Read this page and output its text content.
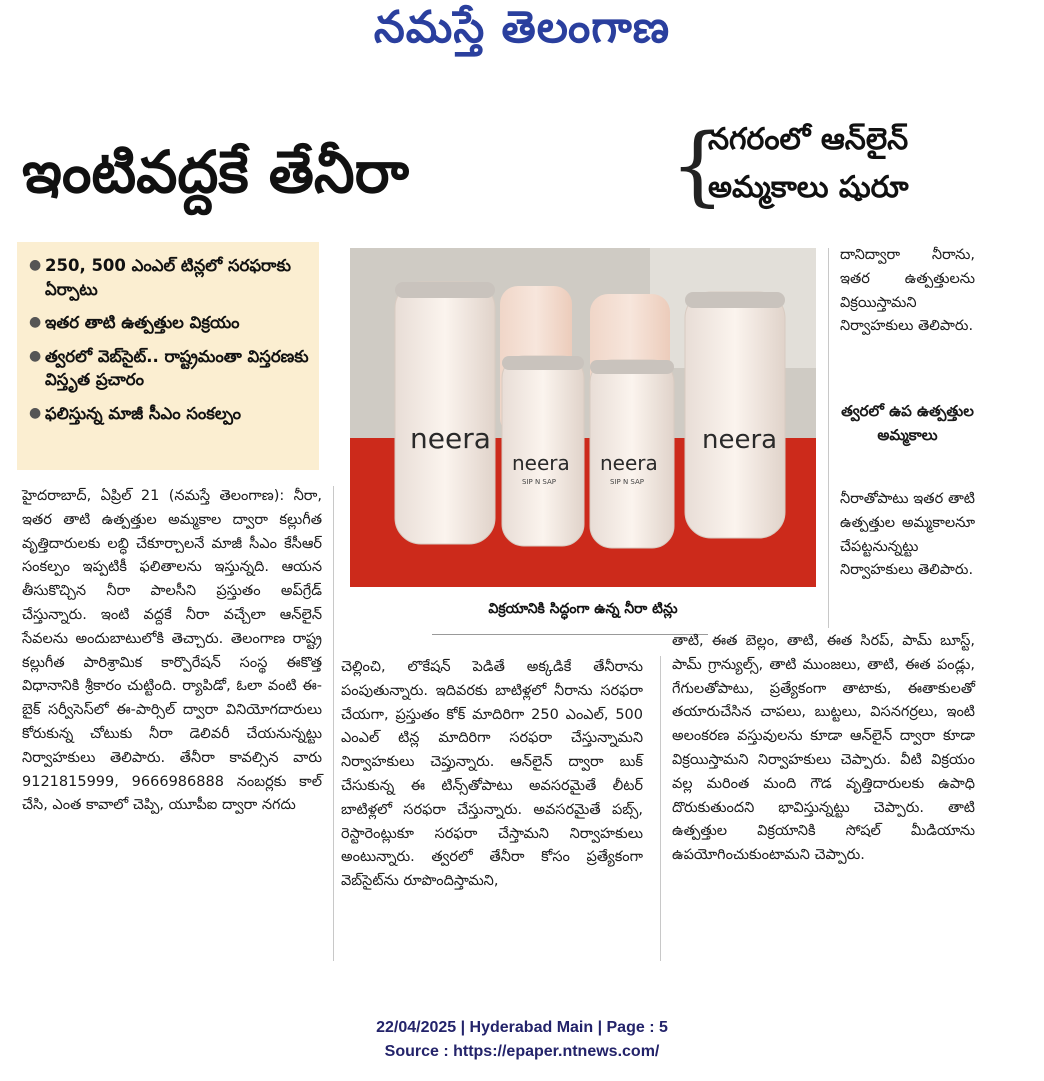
నమస్తే తెలంగాణ
ఇంటివద్దకే తేనీరా	{
నగరంలో ఆన్‌లైన్
అమ్మకాలు షురూ
● 250, 500 ఎంఎల్ టిన్లలో సరఫరాకు ఏర్పాటు
● ఇతర తాటి ఉత్పత్తుల విక్రయం
● త్వరలో వెబ్‌సైట్.. రాష్ట్రమంతా విస్తరణకు విస్తృత ప్రచారం
● ఫలిస్తున్న మాజీ సీఎం సంకల్పం
neera	neera
neera
SIP N SAP
neera
SIP N SAP
విక్రయానికి సిద్ధంగా ఉన్న నీరా టిన్లు

హైదరాబాద్, ఏప్రిల్ 21 (నమస్తే తెలంగాణ): నీరా, ఇతర తాటి ఉత్పత్తుల అమ్మకాల ద్వారా కల్లుగీత వృత్తిదారులకు లబ్ధి చేకూర్చాలనే మాజీ సీఎం కేసీఆర్ సంకల్పం ఇప్పటికీ ఫలితాలను ఇస్తున్నది. ఆయన తీసుకొచ్చిన నీరా పాలసీని ప్రస్తుతం అప్‌గ్రేడ్ చేస్తున్నారు. ఇంటి వద్దకే నీరా వచ్చేలా ఆన్‌లైన్ సేవలను అందుబాటులోకి తెచ్చారు. తెలంగాణ రాష్ట్ర కల్లుగీత పారిశ్రామిక కార్పొరేషన్ సంస్థ ఈకొత్త విధానానికి శ్రీకారం చుట్టింది. ర్యాపిడో, ఓలా వంటి ఈ-బైక్ సర్వీసెస్‌లో ఈ-పార్సిల్ ద్వారా వినియోగదారులు కోరుకున్న చోటుకు నీరా డెలివరీ చేయనున్నట్టు నిర్వాహకులు తెలిపారు. తేనీరా కావల్సిన వారు 9121815999, 9666986888 నంబర్లకు కాల్ చేసి, ఎంత కావాలో చెప్పి, యూపీఐ ద్వారా నగదు

చెల్లించి, లొకేషన్ పెడితే అక్కడికే తేనీరాను పంపుతున్నారు. ఇదివరకు బాటిళ్లలో నీరాను సరఫరా చేయగా, ప్రస్తుతం కోక్ మాదిరిగా 250 ఎంఎల్, 500 ఎంఎల్ టిన్ల మాదిరిగా సరఫరా చేస్తున్నామని నిర్వాహకులు చెప్తున్నారు. ఆన్‌లైన్ ద్వారా బుక్ చేసుకున్న ఈ టిన్స్‌తోపాటు అవసరమైతే లీటర్ బాటిళ్లలో సరఫరా చేస్తున్నారు. అవసరమైతే పబ్స్, రెస్టారెంట్లుకూ సరఫరా చేస్తామని నిర్వాహకులు అంటున్నారు. త్వరలో తేనీరా కోసం ప్రత్యేకంగా వెబ్‌సైట్‌ను రూపొందిస్తామని,

దానిద్వారా నీరాను, ఇతర ఉత్పత్తులను విక్రయిస్తామని నిర్వాహకులు తెలిపారు.

త్వరలో ఉప ఉత్పత్తుల అమ్మకాలు

నీరాతోపాటు ఇతర తాటి ఉత్పత్తుల అమ్మకాలనూ చేపట్టనున్నట్టు నిర్వాహకులు తెలిపారు.

తాటి, ఈత బెల్లం, తాటి, ఈత సిరప్, పామ్ బూస్ట్, పామ్ గ్రాన్యుల్స్, తాటి ముంజలు, తాటి, ఈత పండ్లు, గేగులతోపాటు, ప్రత్యేకంగా తాటాకు, ఈతాకులతో తయారుచేసిన చాపలు, బుట్టలు, విసనగర్రలు, ఇంటి అలంకరణ వస్తువులను కూడా ఆన్‌లైన్ ద్వారా కూడా విక్రయిస్తామని నిర్వాహకులు చెప్పారు. వీటి విక్రయం వల్ల మరింత మంది గౌడ వృత్తిదారులకు ఉపాధి దొరుకుతుందని భావిస్తున్నట్టు చెప్పారు. తాటి ఉత్పత్తుల విక్రయానికి సోషల్ మీడియాను ఉపయోగించుకుంటామని చెప్పారు.

22/04/2025 | Hyderabad Main | Page : 5
Source : https://epaper.ntnews.com/
